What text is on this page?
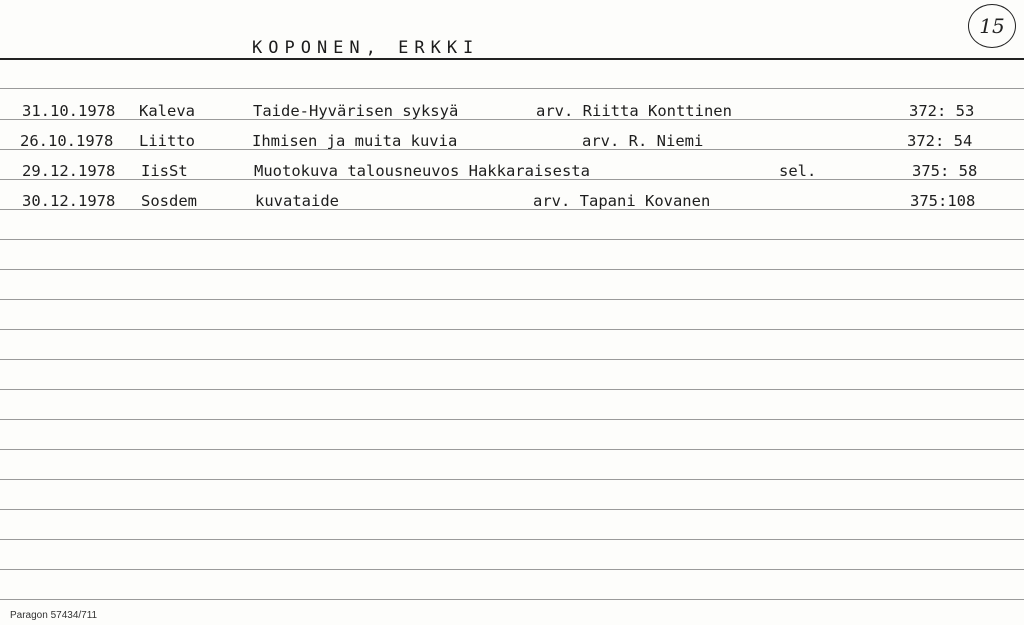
KOPONEN, ERKKI
15
31.10.1978 Kaleva	Taide-Hyvärisen syksyä	arv. Riitta Konttinen	372: 53
26.10.1978 Liitto	Ihmisen ja muita kuvia	arv. R. Niemi	372: 54
29.12.1978 IisSt	Muotokuva talousneuvos Hakkaraisesta	sel.	375: 58
30.12.1978 Sosdem	kuvataide	arv. Tapani Kovanen	375:108
Paragon 57434/711
